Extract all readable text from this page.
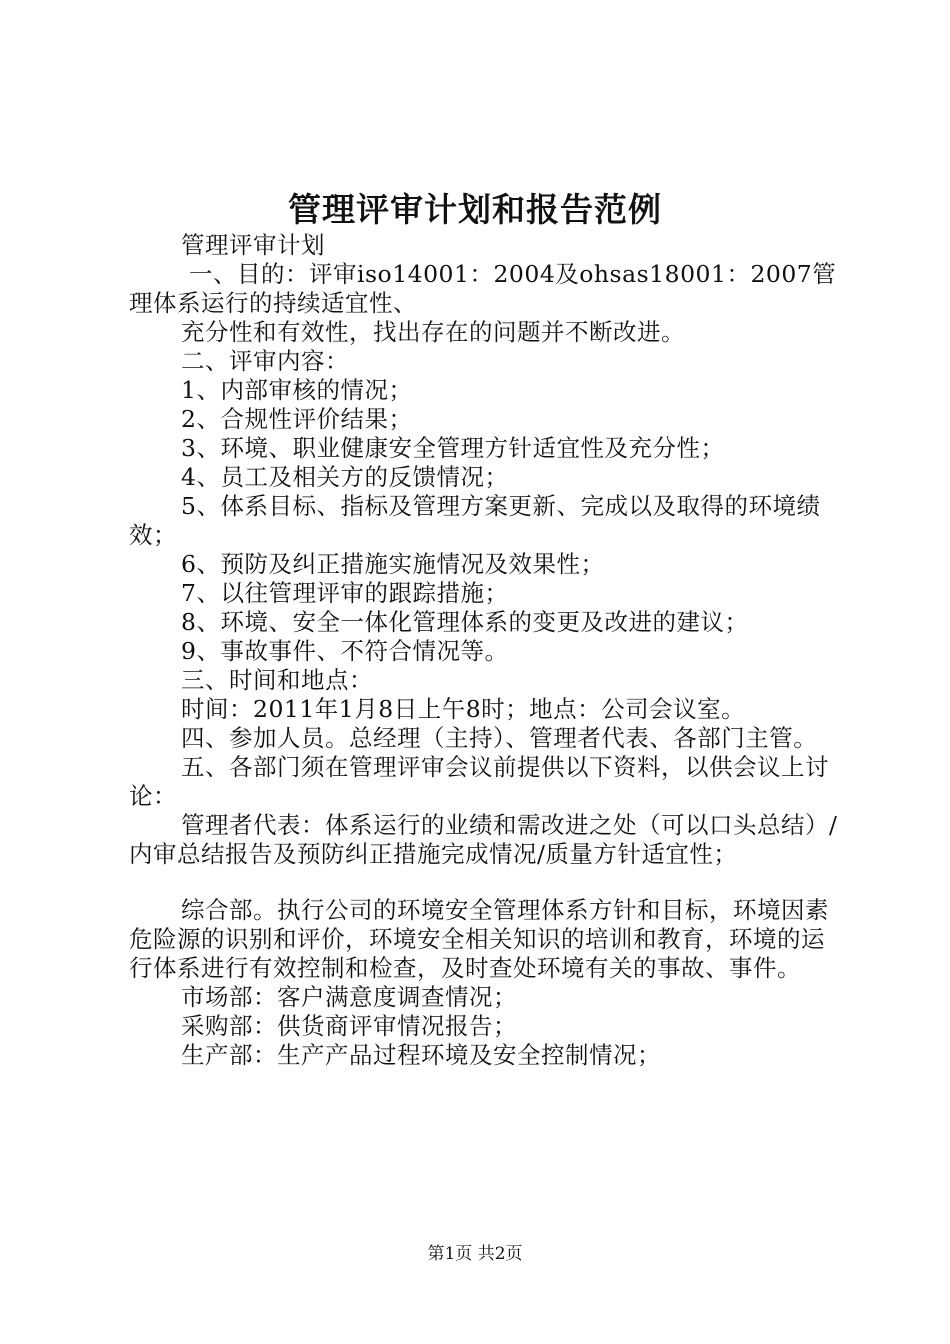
管理评审计划和报告范例

管理评审计划

一、目的：评审iso14001：2004及ohsas18001：2007管理体系运行的持续适宜性、

充分性和有效性，找出存在的问题并不断改进。

二、评审内容：

1、内部审核的情况；

2、合规性评价结果；

3、环境、职业健康安全管理方针适宜性及充分性；

4、员工及相关方的反馈情况；

5、体系目标、指标及管理方案更新、完成以及取得的环境绩效；

6、预防及纠正措施实施情况及效果性；

7、以往管理评审的跟踪措施；

8、环境、安全一体化管理体系的变更及改进的建议；

9、事故事件、不符合情况等。

三、时间和地点：

时间：2011年1月8日上午8时；地点：公司会议室。

四、参加人员。总经理（主持）、管理者代表、各部门主管。

五、各部门须在管理评审会议前提供以下资料，以供会议上讨论：

管理者代表：体系运行的业绩和需改进之处（可以口头总结）/内审总结报告及预防纠正措施完成情况/质量方针适宜性；

综合部。执行公司的环境安全管理体系方针和目标，环境因素危险源的识别和评价，环境安全相关知识的培训和教育，环境的运行体系进行有效控制和检查，及时查处环境有关的事故、事件。

市场部：客户满意度调查情况；

采购部：供货商评审情况报告；

生产部：生产产品过程环境及安全控制情况；

第1页 共2页
